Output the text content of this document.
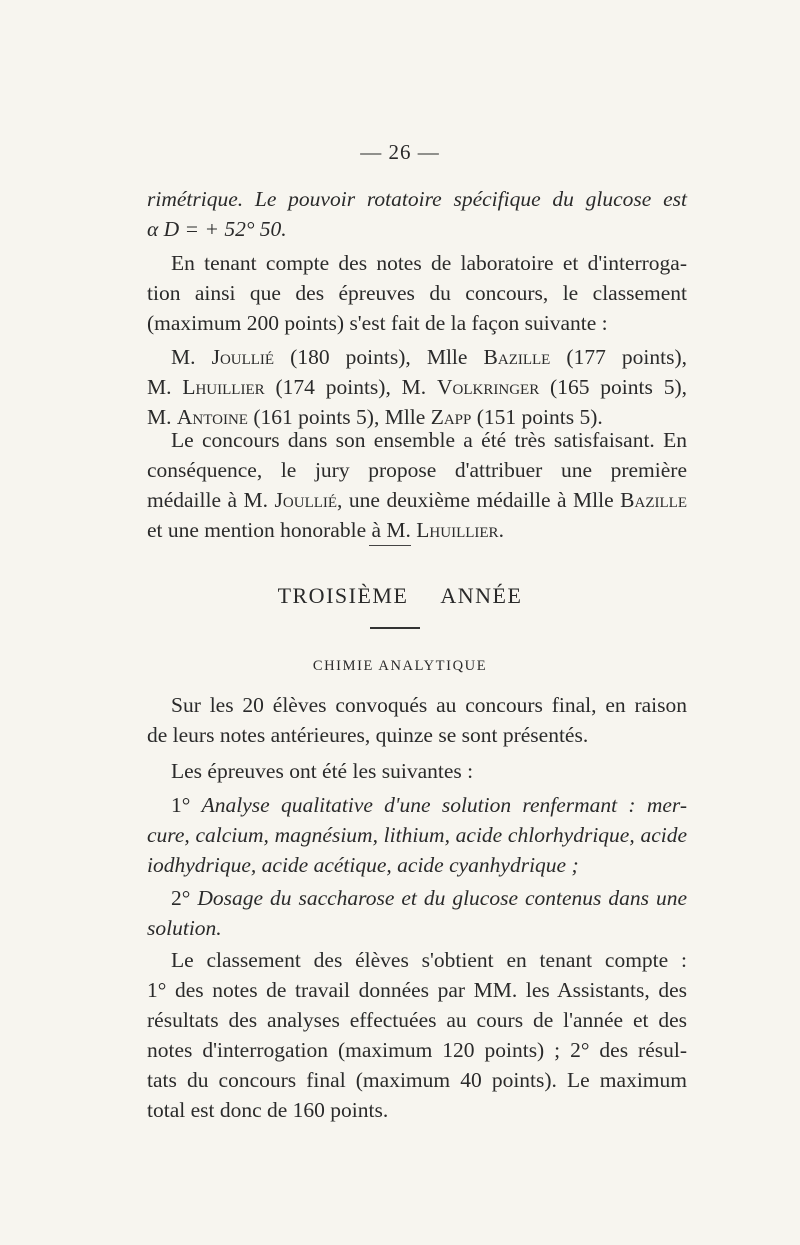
— 26 —
rimétrique. Le pouvoir rotatoire spécifique du glucose est
α D = + 52° 50.
En tenant compte des notes de laboratoire et d'interroga-
tion ainsi que des épreuves du concours, le classement
(maximum 200 points) s'est fait de la façon suivante :
M. Joullié (180 points), Mlle Bazille (177 points),
M. Lhuillier (174 points), M. Volkringer (165 points 5),
M. Antoine (161 points 5), Mlle Zapp (151 points 5).
Le concours dans son ensemble a été très satisfaisant. En
conséquence, le jury propose d'attribuer une première
médaille à M. Joullié, une deuxième médaille à Mlle Bazille
et une mention honorable à M. Lhuillier.
TROISIÈME ANNÉE
CHIMIE ANALYTIQUE
Sur les 20 élèves convoqués au concours final, en raison
de leurs notes antérieures, quinze se sont présentés.
Les épreuves ont été les suivantes :
1° Analyse qualitative d'une solution renfermant : mer-
cure, calcium, magnésium, lithium, acide chlorhydrique, acide
iodhydrique, acide acétique, acide cyanhydrique ;
2° Dosage du saccharose et du glucose contenus dans une
solution.
Le classement des élèves s'obtient en tenant compte :
1° des notes de travail données par MM. les Assistants, des
résultats des analyses effectuées au cours de l'année et des
notes d'interrogation (maximum 120 points) ; 2° des résul-
tats du concours final (maximum 40 points). Le maximum
total est donc de 160 points.
